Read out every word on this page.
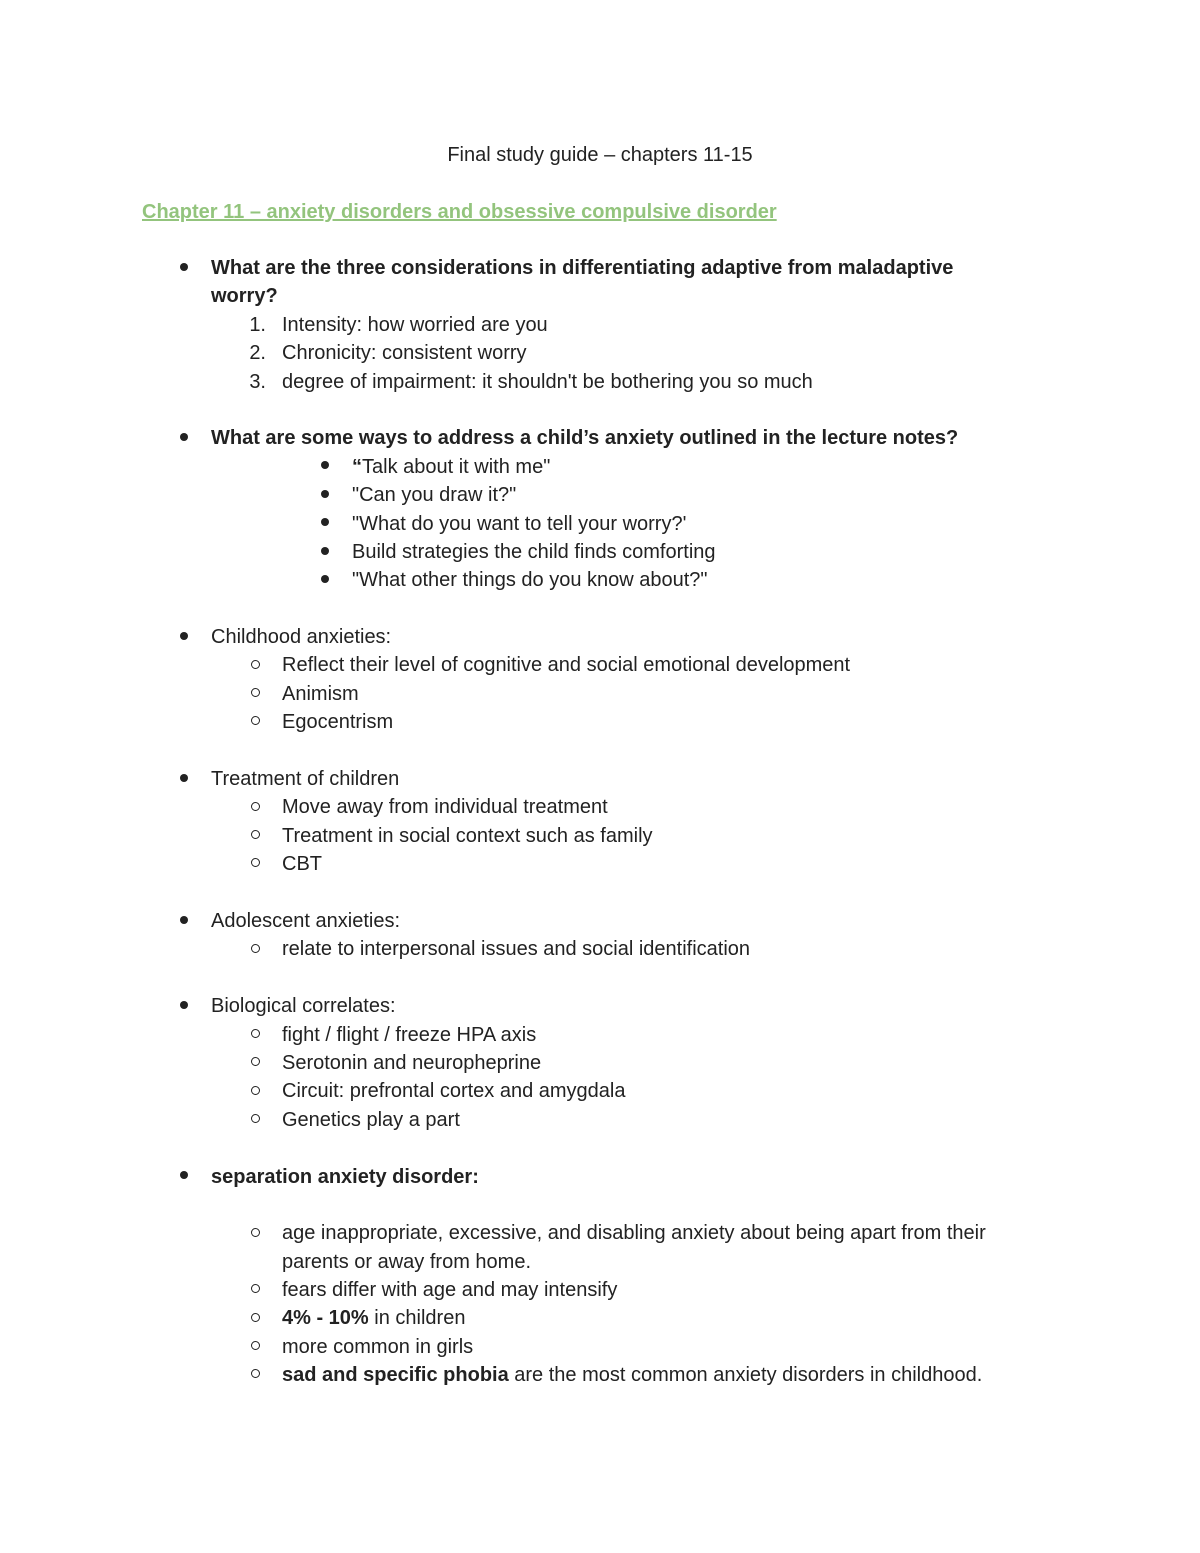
Final study guide – chapters 11-15
Chapter 11 – anxiety disorders and obsessive compulsive disorder
What are the three considerations in differentiating adaptive from maladaptive
worry?
1. Intensity: how worried are you
2. Chronicity: consistent worry
3. degree of impairment: it shouldn't be bothering you so much
What are some ways to address a child’s anxiety outlined in the lecture notes?
“Talk about it with me"
"Can you draw it?"
"What do you want to tell your worry?'
Build strategies the child finds comforting
"What other things do you know about?"
Childhood anxieties:
Reflect their level of cognitive and social emotional development
Animism
Egocentrism
Treatment of children
Move away from individual treatment
Treatment in social context such as family
CBT
Adolescent anxieties:
relate to interpersonal issues and social identification
Biological correlates:
fight / flight / freeze HPA axis
Serotonin and neuropheprine
Circuit: prefrontal cortex and amygdala
Genetics play a part
separation anxiety disorder:
age inappropriate, excessive, and disabling anxiety about being apart from their
parents or away from home.
fears differ with age and may intensify
4% - 10% in children
more common in girls
sad and specific phobia are the most common anxiety disorders in childhood.
